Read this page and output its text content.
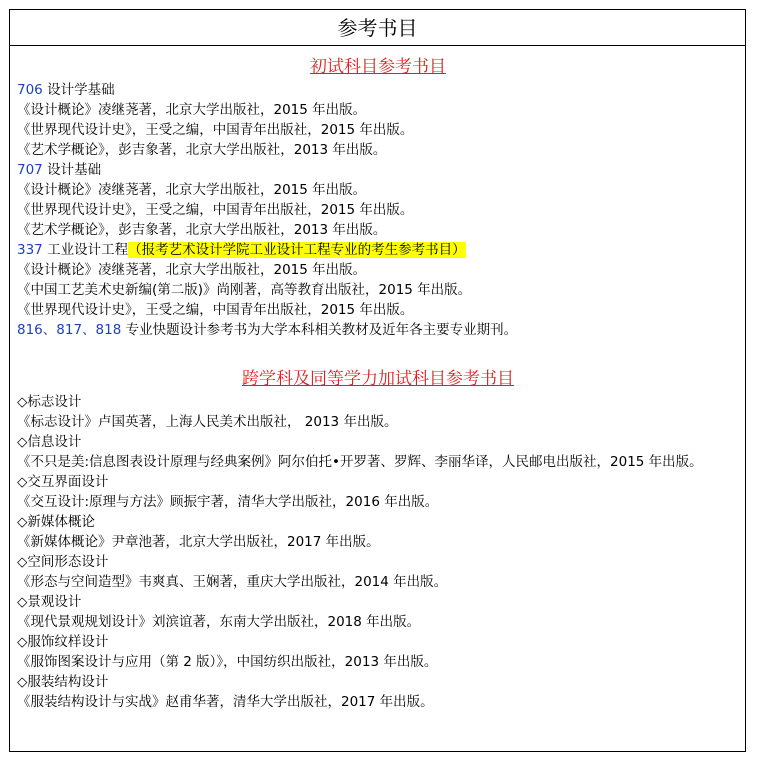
参考书目
初试科目参考书目
706 设计学基础
《设计概论》凌继荛著，北京大学出版社，2015 年出版。
《世界现代设计史》，王受之编，中国青年出版社，2015 年出版。
《艺术学概论》，彭吉象著，北京大学出版社，2013 年出版。
707 设计基础
《设计概论》凌继荛著，北京大学出版社，2015 年出版。
《世界现代设计史》，王受之编，中国青年出版社，2015 年出版。
《艺术学概论》，彭吉象著，北京大学出版社，2013 年出版。
337 工业设计工程（报考艺术设计学院工业设计工程专业的考生参考书目）
《设计概论》凌继荛著，北京大学出版社，2015 年出版。
《中国工艺美术史新编(第二版)》尚刚著，高等教育出版社，2015 年出版。
《世界现代设计史》，王受之编，中国青年出版社，2015 年出版。
816、817、818 专业快题设计参考书为大学本科相关教材及近年各主要专业期刊。
跨学科及同等学力加试科目参考书目
◇标志设计
《标志设计》卢国英著，上海人民美术出版社， 2013 年出版。
◇信息设计
《不只是美:信息图表设计原理与经典案例》阿尔伯托•开罗著、罗辉、李丽华译，人民邮电出版社，2015 年出版。
◇交互界面设计
《交互设计:原理与方法》顾振宇著，清华大学出版社，2016 年出版。
◇新媒体概论
《新媒体概论》尹章池著，北京大学出版社，2017 年出版。
◇空间形态设计
《形态与空间造型》韦爽真、王娴著，重庆大学出版社，2014 年出版。
◇景观设计
《现代景观规划设计》刘滨谊著，东南大学出版社，2018 年出版。
◇服饰纹样设计
《服饰图案设计与应用（第 2 版）》，中国纺织出版社，2013 年出版。
◇服装结构设计
《服装结构设计与实战》赵甫华著，清华大学出版社，2017 年出版。
